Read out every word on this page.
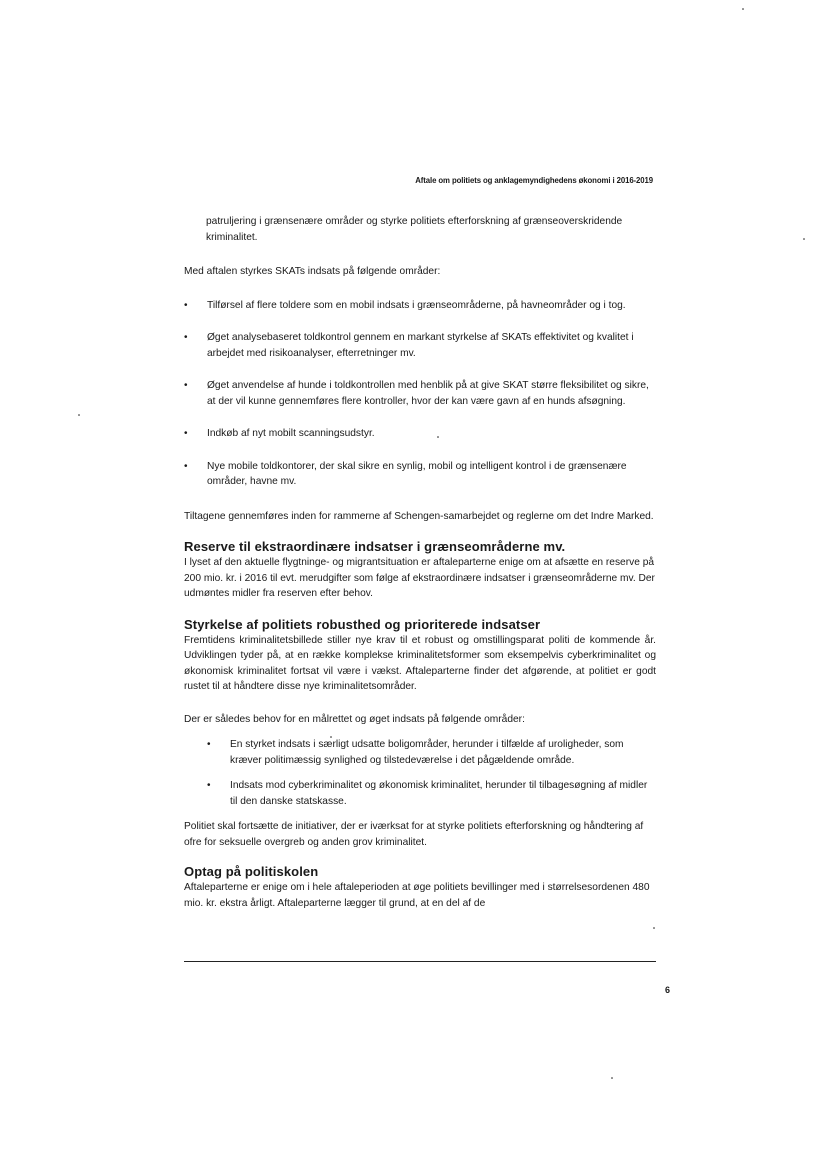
Aftale om politiets og anklagemyndighedens økonomi i 2016-2019

patruljering i grænsenære områder og styrke politiets efterforskning af grænseoverskridende kriminalitet.

Med aftalen styrkes SKATs indsats på følgende områder:

• Tilførsel af flere toldere som en mobil indsats i grænseområderne, på havneområder og i tog.

• Øget analysebaseret toldkontrol gennem en markant styrkelse af SKATs effektivitet og kvalitet i arbejdet med risikoanalyser, efterretninger mv.

• Øget anvendelse af hunde i toldkontrollen med henblik på at give SKAT større fleksibilitet og sikre, at der vil kunne gennemføres flere kontroller, hvor der kan være gavn af en hunds afsøgning.

• Indkøb af nyt mobilt scanningsudstyr.

• Nye mobile toldkontorer, der skal sikre en synlig, mobil og intelligent kontrol i de grænsenære områder, havne mv.

Tiltagene gennemføres inden for rammerne af Schengen-samarbejdet og reglerne om det Indre Marked.

Reserve til ekstraordinære indsatser i grænseområderne mv.

I lyset af den aktuelle flygtninge- og migrantsituation er aftaleparterne enige om at afsætte en reserve på 200 mio. kr. i 2016 til evt. merudgifter som følge af ekstraordinære indsatser i grænseområderne mv. Der udmøntes midler fra reserven efter behov.

Styrkelse af politiets robusthed og prioriterede indsatser

Fremtidens kriminalitetsbillede stiller nye krav til et robust og omstillingsparat politi de kommende år. Udviklingen tyder på, at en række komplekse kriminalitetsformer som eksempelvis cyberkriminalitet og økonomisk kriminalitet fortsat vil være i vækst. Aftaleparterne finder det afgørende, at politiet er godt rustet til at håndtere disse nye kriminalitetsområder.

Der er således behov for en målrettet og øget indsats på følgende områder:

• En styrket indsats i særligt udsatte boligområder, herunder i tilfælde af uroligheder, som kræver politimæssig synlighed og tilstedeværelse i det pågældende område.

• Indsats mod cyberkriminalitet og økonomisk kriminalitet, herunder til tilbagesøgning af midler til den danske statskasse.

Politiet skal fortsætte de initiativer, der er iværksat for at styrke politiets efterforskning og håndtering af ofre for seksuelle overgreb og anden grov kriminalitet.

Optag på politiskolen

Aftaleparterne er enige om i hele aftaleperioden at øge politiets bevillinger med i størrelsesordenen 480 mio. kr. ekstra årligt. Aftaleparterne lægger til grund, at en del af de

6
